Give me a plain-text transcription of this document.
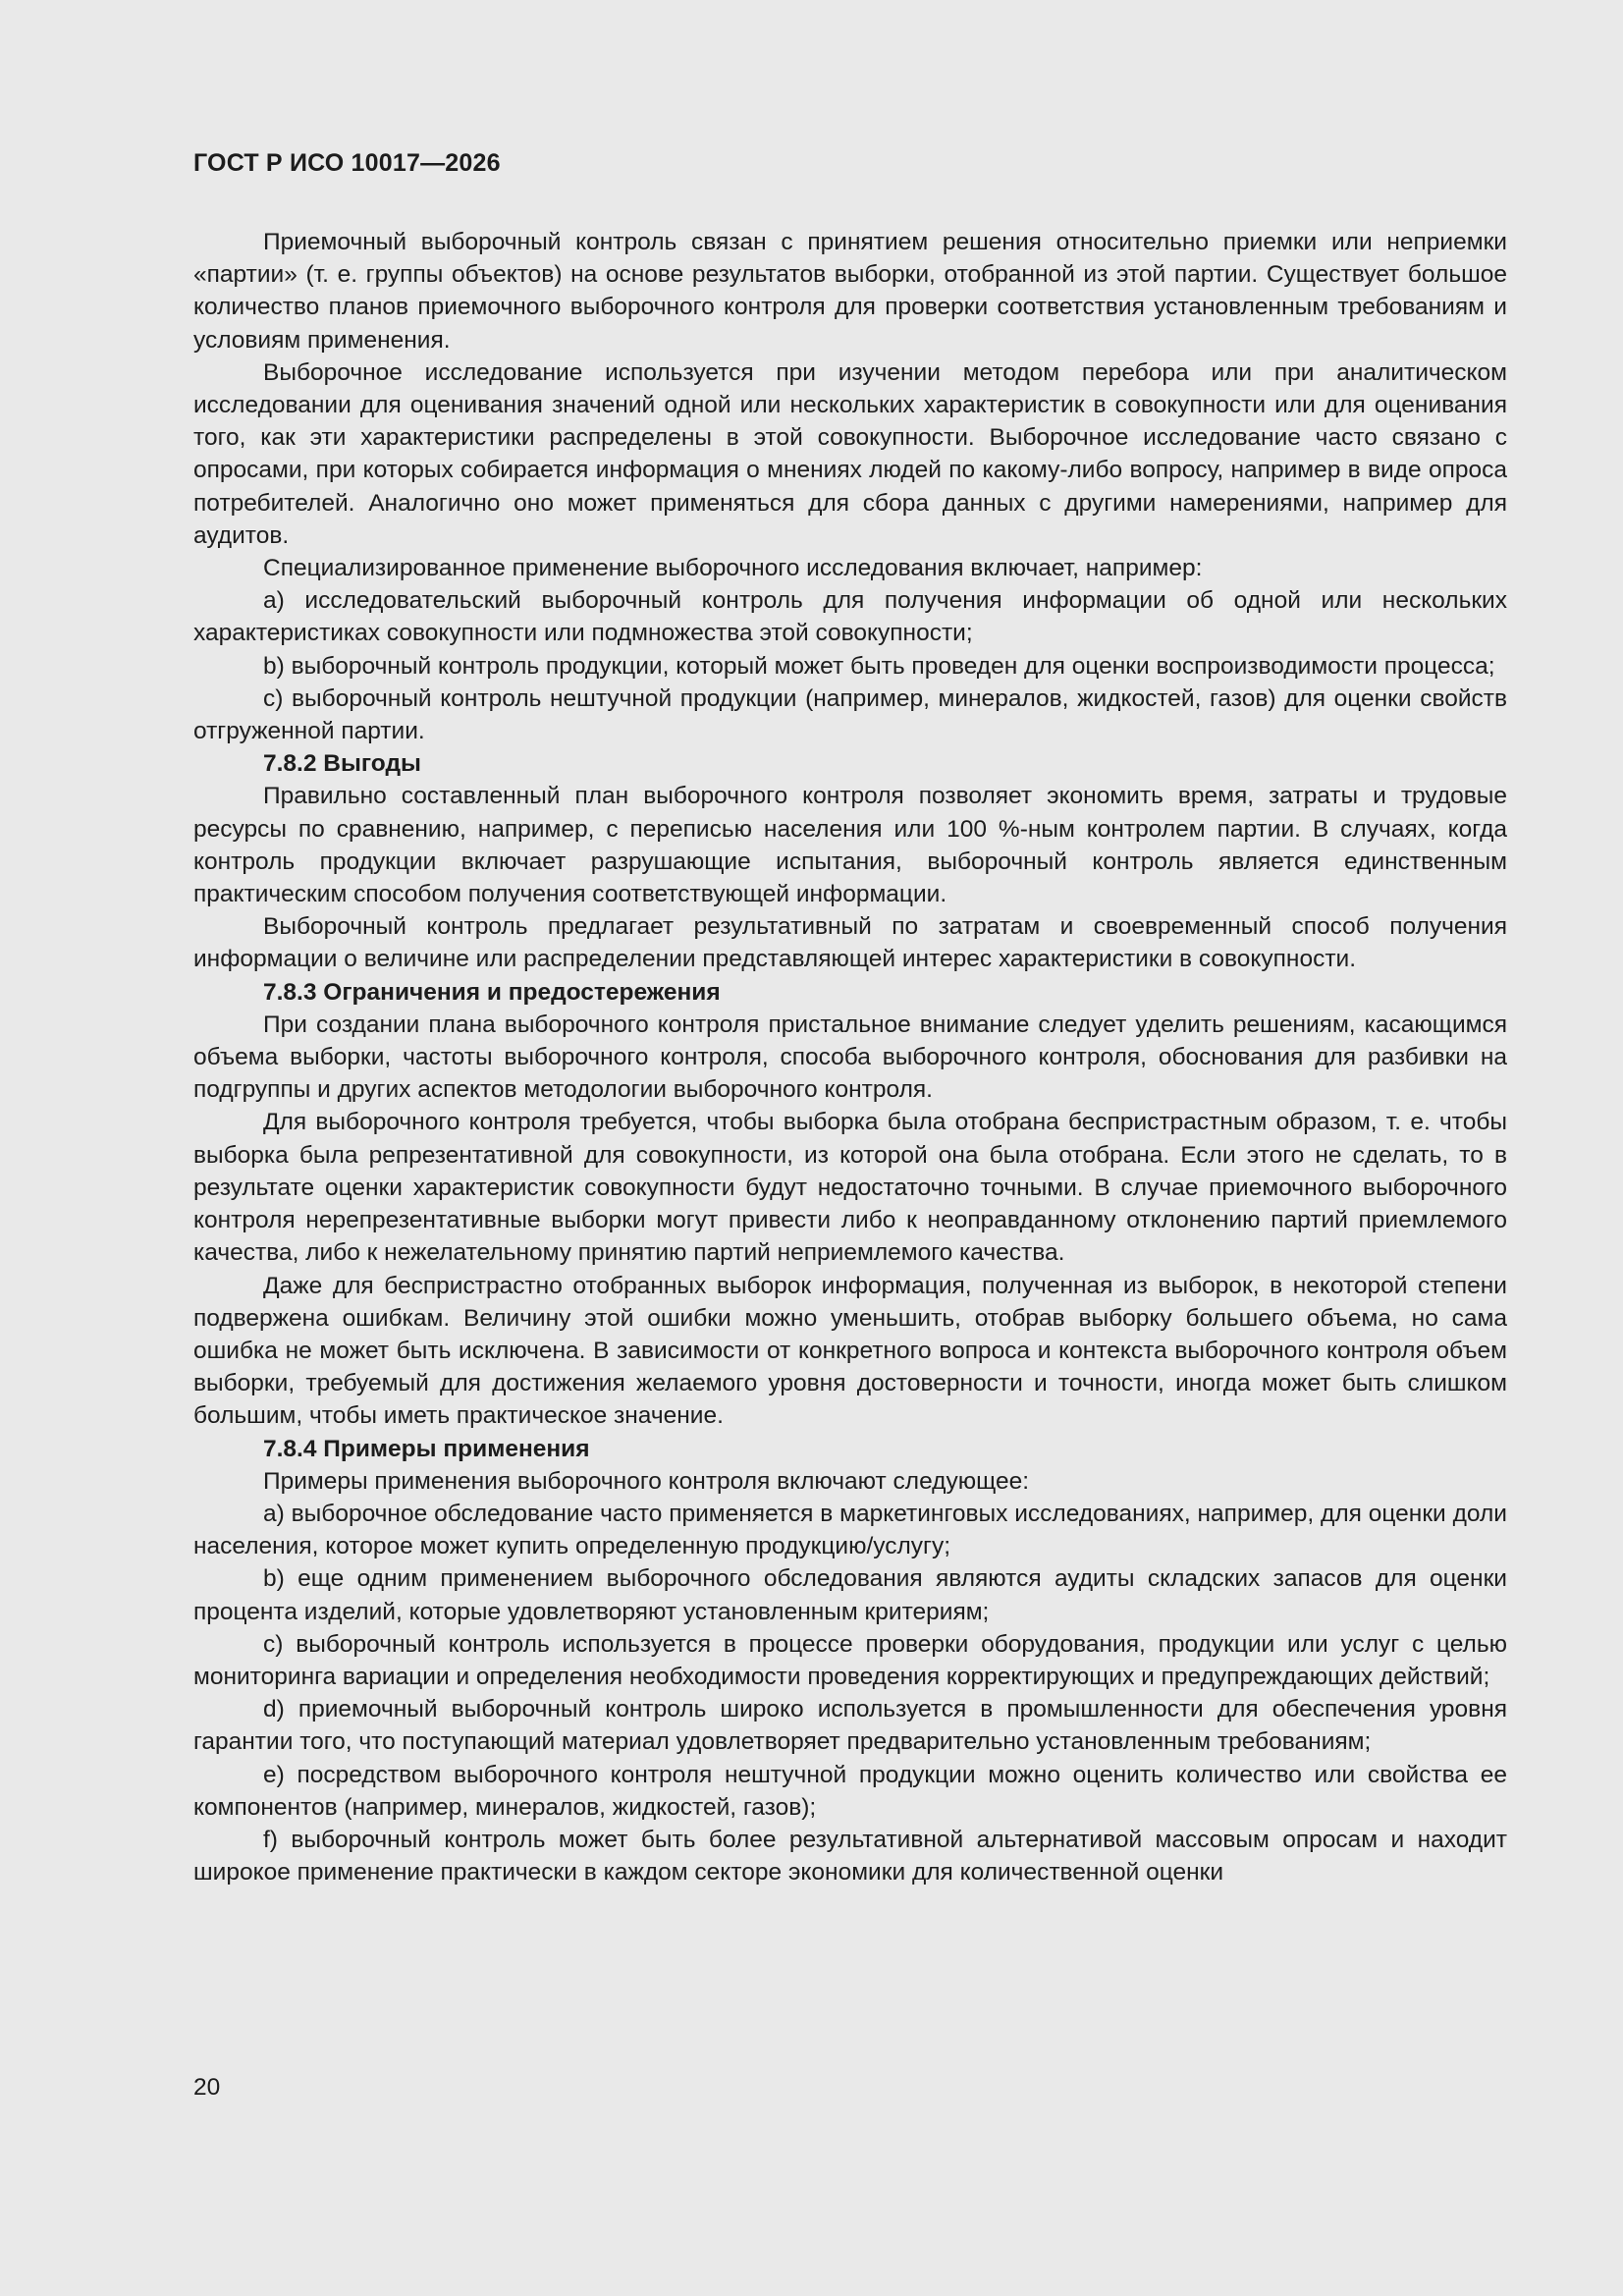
ГОСТ Р ИСО 10017—2026

Приемочный выборочный контроль связан с принятием решения относительно приемки или неприемки «партии» (т. е. группы объектов) на основе результатов выборки, отобранной из этой партии. Существует большое количество планов приемочного выборочного контроля для проверки соответствия установленным требованиям и условиям применения.

Выборочное исследование используется при изучении методом перебора или при аналитическом исследовании для оценивания значений одной или нескольких характеристик в совокупности или для оценивания того, как эти характеристики распределены в этой совокупности. Выборочное исследование часто связано с опросами, при которых собирается информация о мнениях людей по какому-либо вопросу, например в виде опроса потребителей. Аналогично оно может применяться для сбора данных с другими намерениями, например для аудитов.

Специализированное применение выборочного исследования включает, например:

a) исследовательский выборочный контроль для получения информации об одной или нескольких характеристиках совокупности или подмножества этой совокупности;

b) выборочный контроль продукции, который может быть проведен для оценки воспроизводимости процесса;

c) выборочный контроль нештучной продукции (например, минералов, жидкостей, газов) для оценки свойств отгруженной партии.

7.8.2 Выгоды

Правильно составленный план выборочного контроля позволяет экономить время, затраты и трудовые ресурсы по сравнению, например, с переписью населения или 100 %-ным контролем партии. В случаях, когда контроль продукции включает разрушающие испытания, выборочный контроль является единственным практическим способом получения соответствующей информации.

Выборочный контроль предлагает результативный по затратам и своевременный способ получения информации о величине или распределении представляющей интерес характеристики в совокупности.

7.8.3 Ограничения и предостережения

При создании плана выборочного контроля пристальное внимание следует уделить решениям, касающимся объема выборки, частоты выборочного контроля, способа выборочного контроля, обоснования для разбивки на подгруппы и других аспектов методологии выборочного контроля.

Для выборочного контроля требуется, чтобы выборка была отобрана беспристрастным образом, т. е. чтобы выборка была репрезентативной для совокупности, из которой она была отобрана. Если этого не сделать, то в результате оценки характеристик совокупности будут недостаточно точными. В случае приемочного выборочного контроля нерепрезентативные выборки могут привести либо к неоправданному отклонению партий приемлемого качества, либо к нежелательному принятию партий неприемлемого качества.

Даже для беспристрастно отобранных выборок информация, полученная из выборок, в некоторой степени подвержена ошибкам. Величину этой ошибки можно уменьшить, отобрав выборку большего объема, но сама ошибка не может быть исключена. В зависимости от конкретного вопроса и контекста выборочного контроля объем выборки, требуемый для достижения желаемого уровня достоверности и точности, иногда может быть слишком большим, чтобы иметь практическое значение.

7.8.4 Примеры применения

Примеры применения выборочного контроля включают следующее:

a) выборочное обследование часто применяется в маркетинговых исследованиях, например, для оценки доли населения, которое может купить определенную продукцию/услугу;

b) еще одним применением выборочного обследования являются аудиты складских запасов для оценки процента изделий, которые удовлетворяют установленным критериям;

c) выборочный контроль используется в процессе проверки оборудования, продукции или услуг с целью мониторинга вариации и определения необходимости проведения корректирующих и предупреждающих действий;

d) приемочный выборочный контроль широко используется в промышленности для обеспечения уровня гарантии того, что поступающий материал удовлетворяет предварительно установленным требованиям;

e) посредством выборочного контроля нештучной продукции можно оценить количество или свойства ее компонентов (например, минералов, жидкостей, газов);

f) выборочный контроль может быть более результативной альтернативой массовым опросам и находит широкое применение практически в каждом секторе экономики для количественной оценки

20
